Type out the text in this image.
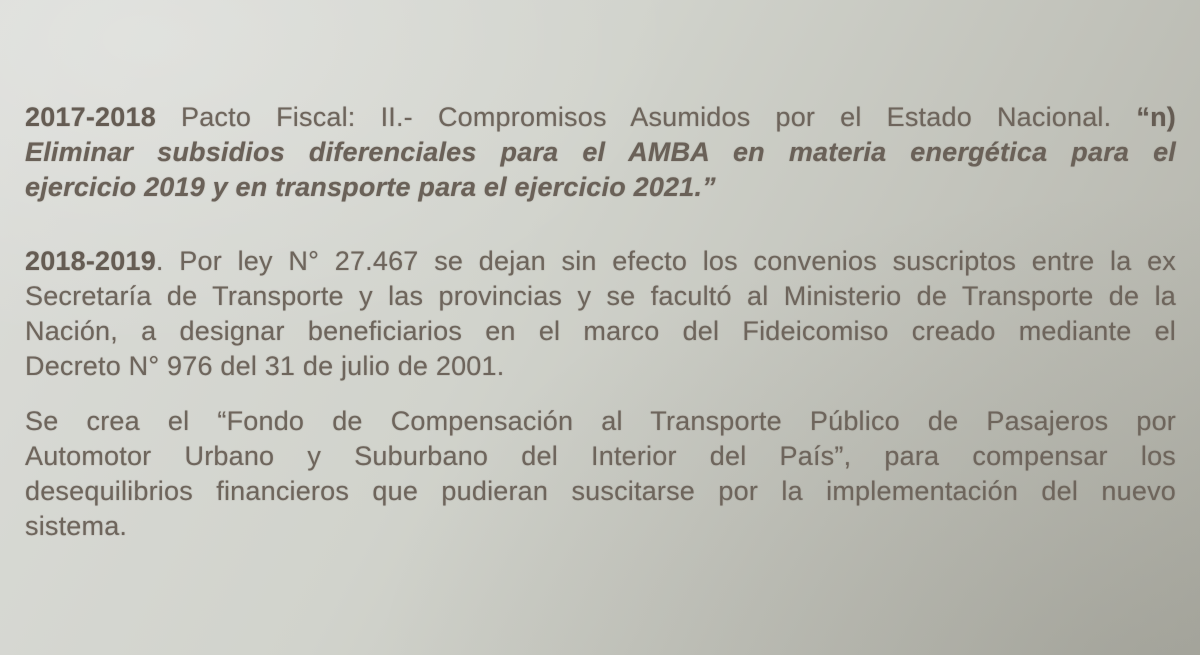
2017-2018 Pacto Fiscal: II.- Compromisos Asumidos por el Estado Nacional. “n)
Eliminar subsidios diferenciales para el AMBA en materia energética para el
ejercicio 2019 y en transporte para el ejercicio 2021.”
2018-2019. Por ley N° 27.467 se dejan sin efecto los convenios suscriptos entre la ex
Secretaría de Transporte y las provincias y se facultó al Ministerio de Transporte de la
Nación, a designar beneficiarios en el marco del Fideicomiso creado mediante el
Decreto N° 976 del 31 de julio de 2001.
Se crea el “Fondo de Compensación al Transporte Público de Pasajeros por
Automotor Urbano y Suburbano del Interior del País”, para compensar los
desequilibrios financieros que pudieran suscitarse por la implementación del nuevo
sistema.
